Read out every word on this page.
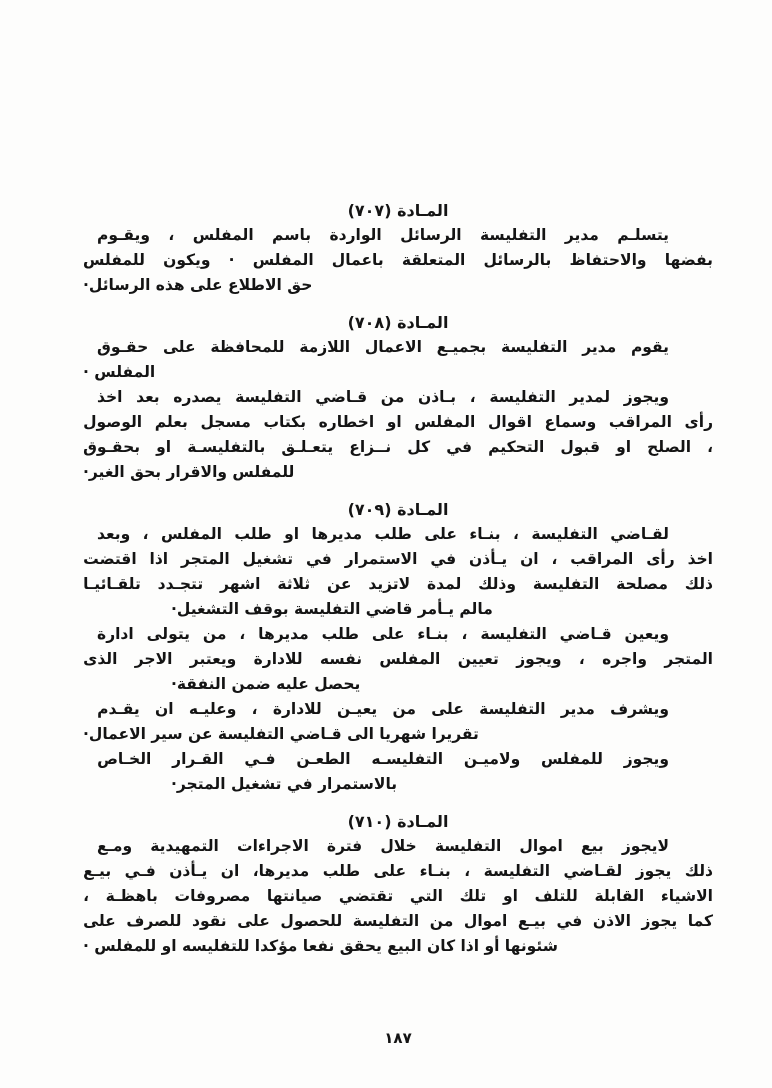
المـادة (٧٠٧)
يتسلـم
مدير
التفليسة
الرسائل
الواردة
باسم
المفلس
،
ويقـوم
بفضها
والاحتفاظ
بالرسائل
المتعلقة
باعمال
المفلس
·
ويكون
للمفلس
حق الاطلاع على هذه الرسائل·
المـادة (٧٠٨)
يقوم
مدير
التفليسة
بجميـع
الاعمال
اللازمة
للمحافظة
على
حقـوق
المفلس ·
ويجوز
لمدير
التفليسة
،
بـاذن
من
قـاضي
التفليسة
يصدره
بعد
اخذ
رأى
المراقب
وسماع
اقوال
المفلس
او
اخطاره
بكتاب
مسجل
بعلم
الوصول
،
الصلح
او
قبول
التحكيم
في
كل
نــزاع
يتعـلـق
بالتفليسـة
او
بحقـوق
للمفلس والاقرار بحق الغير·
المـادة (٧٠٩)
لقـاضي
التفليسة
،
بنـاء
على
طلب
مديرها
او
طلب
المفلس
،
وبعد
اخذ
رأى
المراقب
،
ان
يـأذن
في
الاستمرار
في
تشغيل
المتجر
اذا
اقتضت
ذلك
مصلحة
التفليسة
وذلك
لمدة
لاتزيد
عن
ثلاثة
اشهر
تتجـدد
تلقـائيـا
مالم يـأمر قاضي التفليسة بوقف التشغيل·
ويعين
قـاضي
التفليسة
،
بنـاء
على
طلب
مديرها
،
من
يتولى
ادارة
المتجر
واجره
،
ويجوز
تعيين
المفلس
نفسه
للادارة
ويعتبر
الاجر
الذى
يحصل عليه ضمن النفقة·
ويشرف
مدير
التفليسة
على
من
يعيـن
للادارة
،
وعليـه
ان
يقـدم
تقريرا شهريا الى قـاضي التفليسة عن سير الاعمال·
ويجوز
للمفلس
ولاميـن
التفليسـه
الطعـن
فـي
القـرار
الخـاص
بالاستمرار في تشغيل المتجر·
المـادة (٧١٠)
لايجوز
بيع
اموال
التفليسة
خلال
فترة
الاجراءات
التمهيدية
ومـع
ذلك
يجوز
لقـاضي
التفليسة
،
بنـاء
على
طلب
مديرها،
ان
يـأذن
فـي
بيـع
الاشياء
القابلة
للتلف
او
تلك
التي
تقتضي
صيانتها
مصروفات
باهظـة
،
كما
يجوز
الاذن
في
بيـع
اموال
من
التفليسة
للحصول
على
نقود
للصرف
على
شئونها أو اذا كان البيع يحقق نفعا مؤكدا للتفليسه او للمفلس ·
١٨٧
